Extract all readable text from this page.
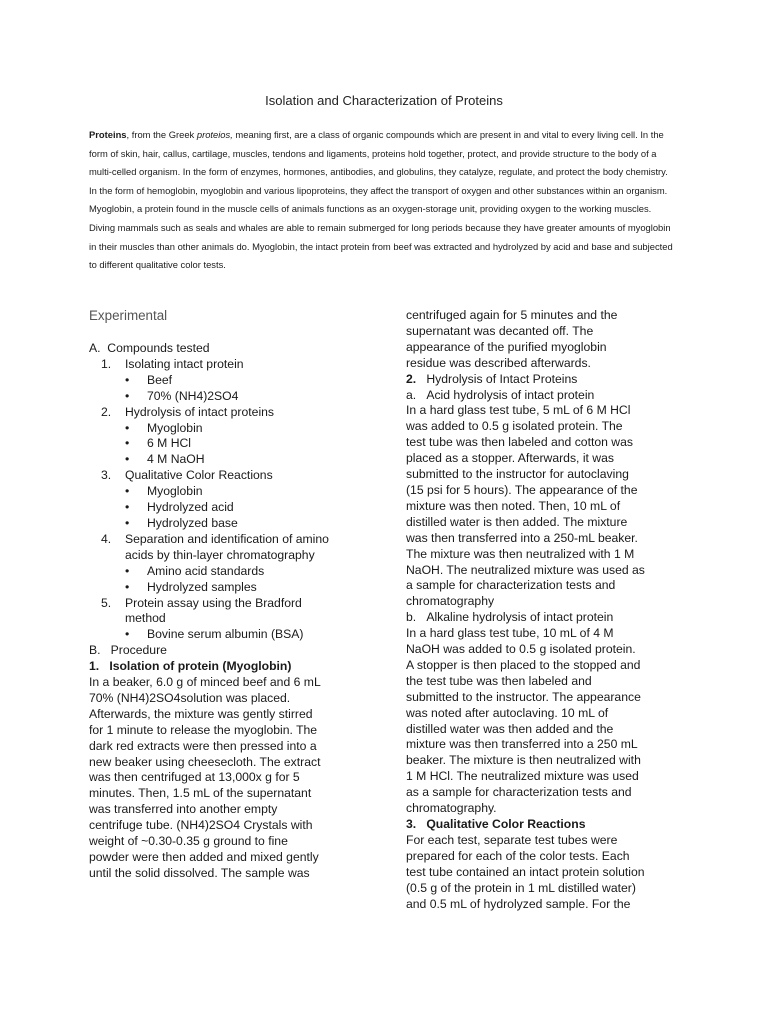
Isolation and Characterization of Proteins
Proteins, from the Greek proteios, meaning first, are a class of organic compounds which are present in and vital to every living cell. In the form of skin, hair, callus, cartilage, muscles, tendons and ligaments, proteins hold together, protect, and provide structure to the body of a multi-celled organism. In the form of enzymes, hormones, antibodies, and globulins, they catalyze, regulate, and protect the body chemistry. In the form of hemoglobin, myoglobin and various lipoproteins, they affect the transport of oxygen and other substances within an organism. Myoglobin, a protein found in the muscle cells of animals functions as an oxygen-storage unit, providing oxygen to the working muscles. Diving mammals such as seals and whales are able to remain submerged for long periods because they have greater amounts of myoglobin in their muscles than other animals do. Myoglobin, the intact protein from beef was extracted and hydrolyzed by acid and base and subjected to different qualitative color tests.
Experimental
A.  Compounds tested
1. Isolating intact protein
• Beef
• 70% (NH4)2SO4
2. Hydrolysis of intact proteins
• Myoglobin
• 6 M HCl
• 4 M NaOH
3. Qualitative Color Reactions
• Myoglobin
• Hydrolyzed acid
• Hydrolyzed base
4. Separation and identification of amino
acids by thin-layer chromatography
• Amino acid standards
• Hydrolyzed samples
5. Protein assay using the Bradford
method
• Bovine serum albumin (BSA)
B.   Procedure
1.   Isolation of protein (Myoglobin)
In a beaker, 6.0 g of minced beef and 6 mL
70% (NH4)2SO4solution was placed.
Afterwards, the mixture was gently stirred
for 1 minute to release the myoglobin. The
dark red extracts were then pressed into a
new beaker using cheesecloth. The extract
was then centrifuged at 13,000x g for 5
minutes. Then, 1.5 mL of the supernatant
was transferred into another empty
centrifuge tube. (NH4)2SO4 Crystals with
weight of ~0.30-0.35 g ground to fine
powder were then added and mixed gently
until the solid dissolved. The sample was
centrifuged again for 5 minutes and the
supernatant was decanted off. The
appearance of the purified myoglobin
residue was described afterwards.
2. Hydrolysis of Intact Proteins
a.   Acid hydrolysis of intact protein
In a hard glass test tube, 5 mL of 6 M HCl
was added to 0.5 g isolated protein. The
test tube was then labeled and cotton was
placed as a stopper. Afterwards, it was
submitted to the instructor for autoclaving
(15 psi for 5 hours). The appearance of the
mixture was then noted. Then, 10 mL of
distilled water is then added. The mixture
was then transferred into a 250-mL beaker.
The mixture was then neutralized with 1 M
NaOH. The neutralized mixture was used as
a sample for characterization tests and
chromatography
b.   Alkaline hydrolysis of intact protein
In a hard glass test tube, 10 mL of 4 M
NaOH was added to 0.5 g isolated protein.
A stopper is then placed to the stopped and
the test tube was then labeled and
submitted to the instructor. The appearance
was noted after autoclaving. 10 mL of
distilled water was then added and the
mixture was then transferred into a 250 mL
beaker. The mixture is then neutralized with
1 M HCl. The neutralized mixture was used
as a sample for characterization tests and
chromatography.
3.   Qualitative Color Reactions
For each test, separate test tubes were
prepared for each of the color tests. Each
test tube contained an intact protein solution
(0.5 g of the protein in 1 mL distilled water)
and 0.5 mL of hydrolyzed sample. For the
